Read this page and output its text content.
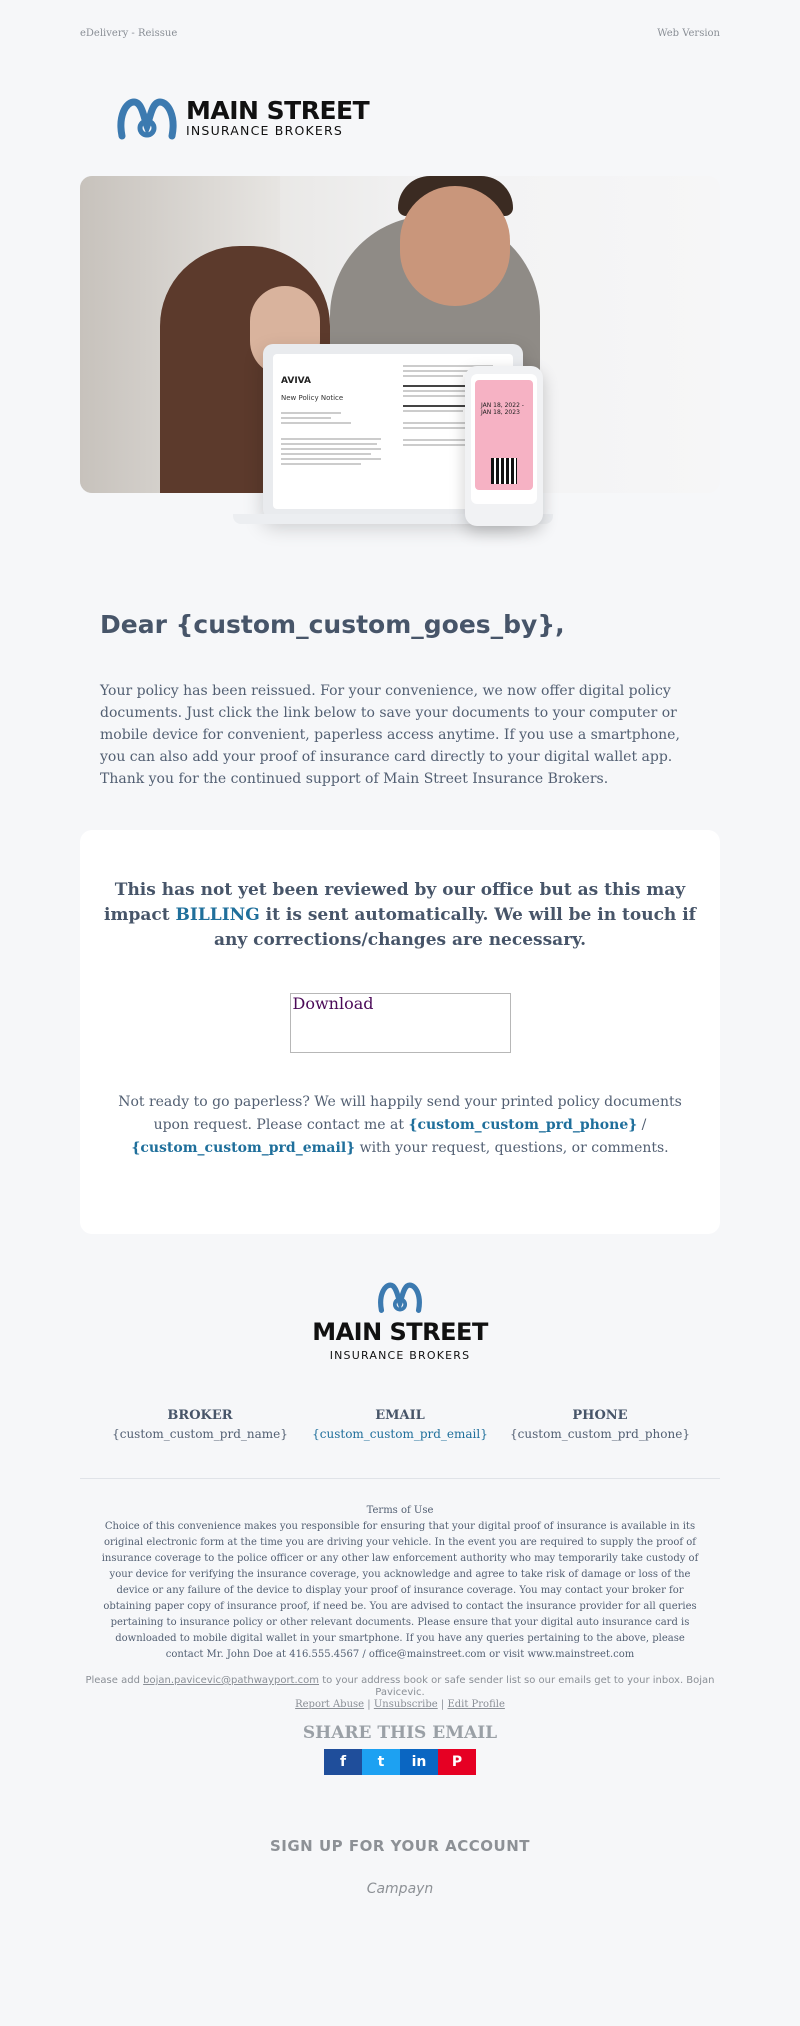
eDelivery - Reissue	Web Version
MAIN STREET
INSURANCE BROKERS
AVIVA
New Policy Notice
JAN 18, 2022 - JAN 18, 2023
Dear {custom_custom_goes_by},
Your policy has been reissued. For your convenience, we now offer digital policy documents. Just click the link below to save your documents to your computer or mobile device for convenient, paperless access anytime. If you use a smartphone, you can also add your proof of insurance card directly to your digital wallet app. Thank you for the continued support of Main Street Insurance Brokers.

This has not yet been reviewed by our office but as this may impact BILLING it is sent automatically. We will be in touch if any corrections/changes are necessary.

Download

Not ready to go paperless? We will happily send your printed policy documents upon request. Please contact me at {custom_custom_prd_phone} / {custom_custom_prd_email} with your request, questions, or comments.

MAIN STREET
INSURANCE BROKERS
BROKER
{custom_custom_prd_name}
EMAIL
{custom_custom_prd_email}
PHONE
{custom_custom_prd_phone}
Terms of Use
Choice of this convenience makes you responsible for ensuring that your digital proof of insurance is available in its original electronic form at the time you are driving your vehicle. In the event you are required to supply the proof of insurance coverage to the police officer or any other law enforcement authority who may temporarily take custody of your device for verifying the insurance coverage, you acknowledge and agree to take risk of damage or loss of the device or any failure of the device to display your proof of insurance coverage. You may contact your broker for obtaining paper copy of insurance proof, if need be. You are advised to contact the insurance provider for all queries pertaining to insurance policy or other relevant documents. Please ensure that your digital auto insurance card is downloaded to mobile digital wallet in your smartphone. If you have any queries pertaining to the above, please contact Mr. John Doe at 416.555.4567 / office@mainstreet.com or visit www.mainstreet.com
Please add bojan.pavicevic@pathwayport.com to your address book or safe sender list so our emails get to your inbox. Bojan Pavicevic.
Report Abuse | Unsubscribe | Edit Profile
SHARE THIS EMAIL
f	t	in	P
SIGN UP FOR YOUR ACCOUNT
Campayn
